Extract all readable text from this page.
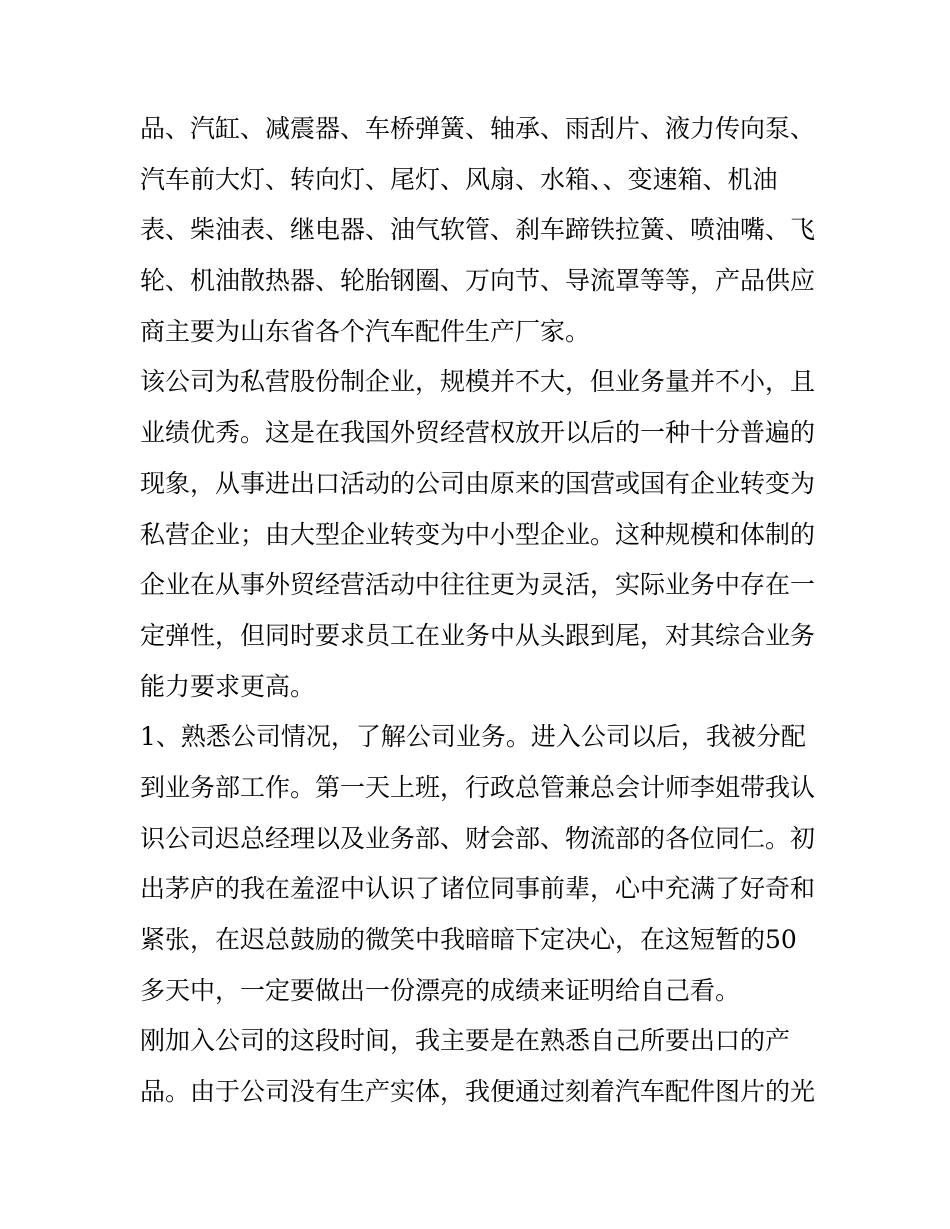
品、汽缸、减震器、车桥弹簧、轴承、雨刮片、液力传向泵、
汽车前大灯、转向灯、尾灯、风扇、水箱、、变速箱、机油
表、柴油表、继电器、油气软管、刹车蹄铁拉簧、喷油嘴、飞
轮、机油散热器、轮胎钢圈、万向节、导流罩等等，产品供应
商主要为山东省各个汽车配件生产厂家。
该公司为私营股份制企业，规模并不大，但业务量并不小，且
业绩优秀。这是在我国外贸经营权放开以后的一种十分普遍的
现象，从事进出口活动的公司由原来的国营或国有企业转变为
私营企业；由大型企业转变为中小型企业。这种规模和体制的
企业在从事外贸经营活动中往往更为灵活，实际业务中存在一
定弹性，但同时要求员工在业务中从头跟到尾，对其综合业务
能力要求更高。
1、熟悉公司情况，了解公司业务。进入公司以后，我被分配
到业务部工作。第一天上班，行政总管兼总会计师李姐带我认
识公司迟总经理以及业务部、财会部、物流部的各位同仁。初
出茅庐的我在羞涩中认识了诸位同事前辈，心中充满了好奇和
紧张，在迟总鼓励的微笑中我暗暗下定决心，在这短暂的50
多天中，一定要做出一份漂亮的成绩来证明给自己看。
刚加入公司的这段时间，我主要是在熟悉自己所要出口的产
品。由于公司没有生产实体，我便通过刻着汽车配件图片的光
